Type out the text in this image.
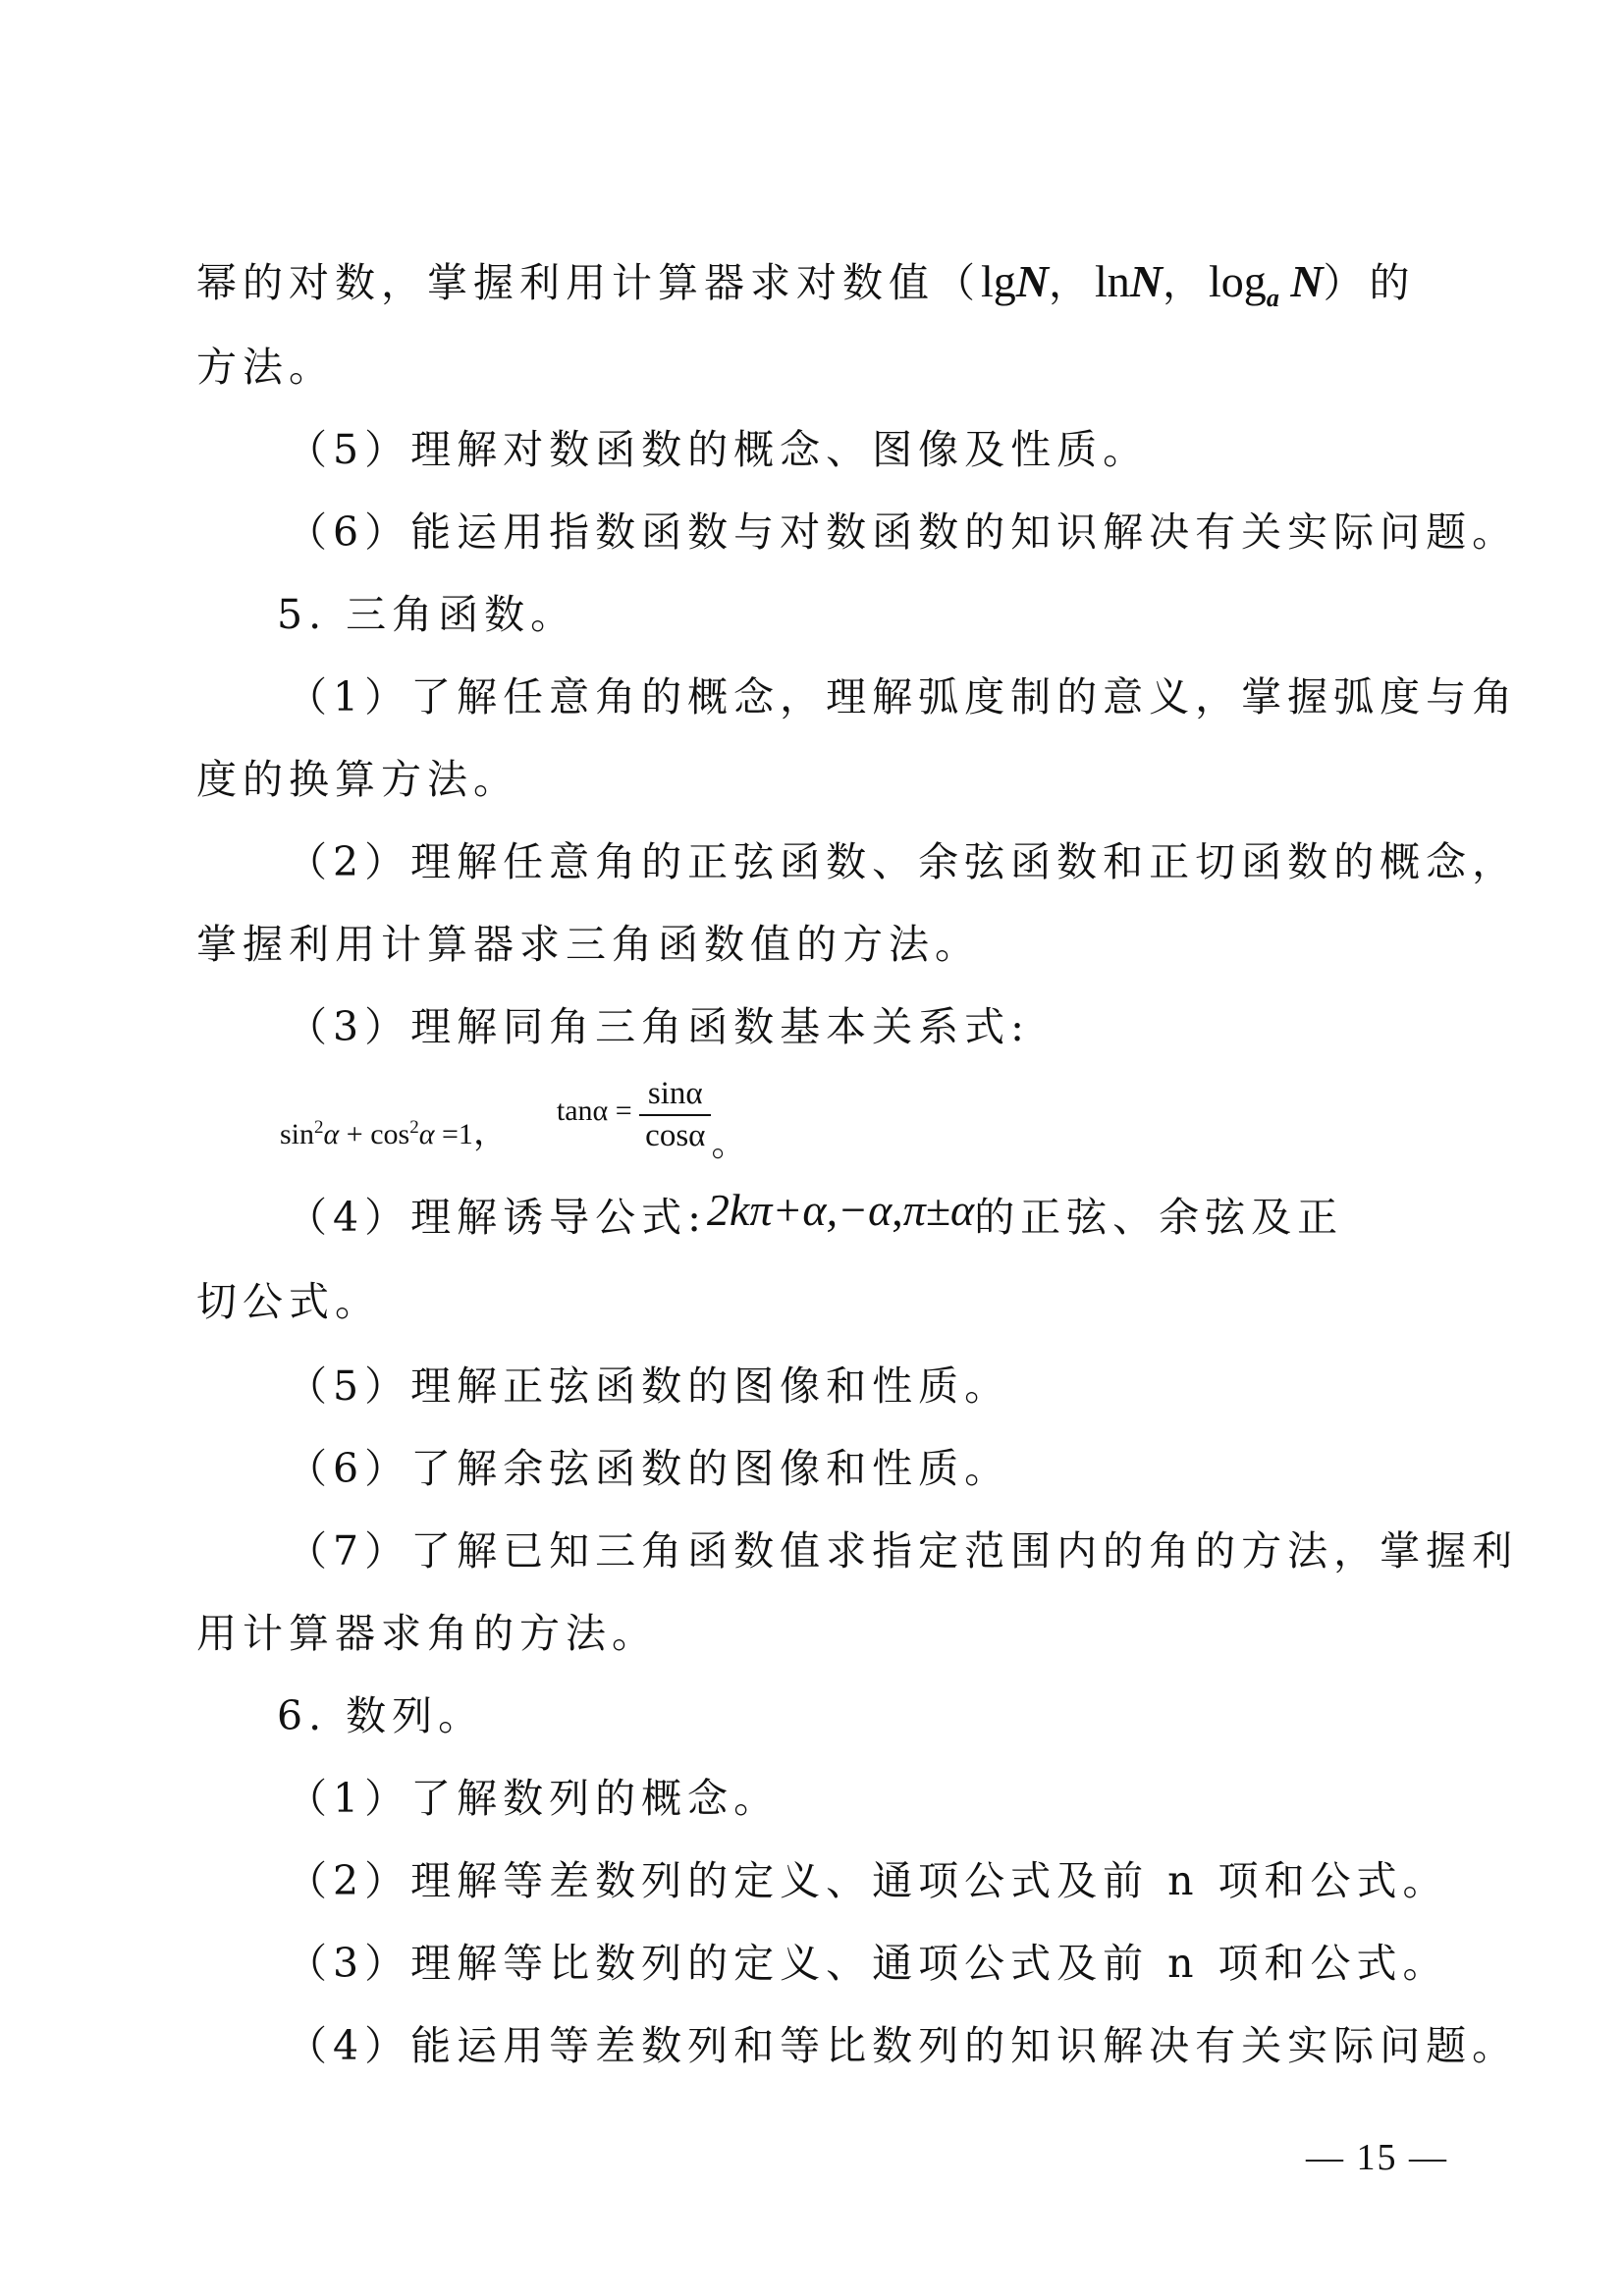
幂的对数，掌握利用计算器求对数值（lgN，lnN，$\log_a N$）的
方法。
（5）理解对数函数的概念、图像及性质。
（6）能运用指数函数与对数函数的知识解决有关实际问题。
5. 三角函数。
（1）了解任意角的概念，理解弧度制的意义，掌握弧度与角
度的换算方法。
（2）理解任意角的正弦函数、余弦函数和正切函数的概念，
掌握利用计算器求三角函数值的方法。
（3）理解同角三角函数基本关系式:
$\sin^2\alpha + \cos^2\alpha =1$，  $\tan\alpha = \frac{\sin\alpha}{\cos\alpha}$ 。
（4）理解诱导公式:2kπ+α,−α,π±α的正弦、余弦及正
切公式。
（5）理解正弦函数的图像和性质。
（6）了解余弦函数的图像和性质。
（7）了解已知三角函数值求指定范围内的角的方法，掌握利
用计算器求角的方法。
6. 数列。
（1）了解数列的概念。
（2）理解等差数列的定义、通项公式及前 n 项和公式。
（3）理解等比数列的定义、通项公式及前 n 项和公式。
（4）能运用等差数列和等比数列的知识解决有关实际问题。
— 15 —
